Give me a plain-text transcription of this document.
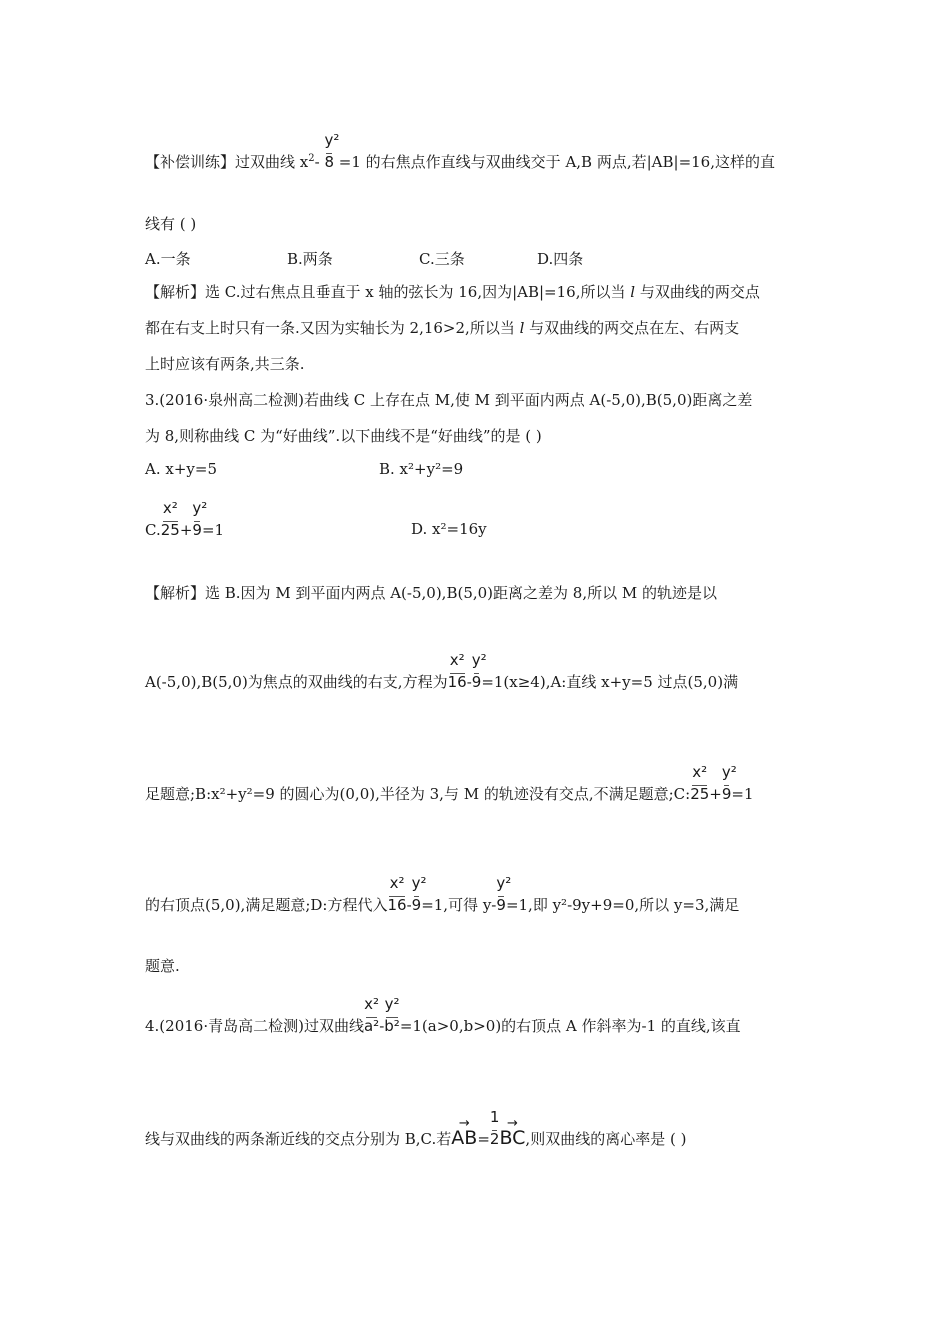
【补偿训练】过双曲线 $x^2-$
y²
8 =1 的右焦点作直线与双曲线交于 A,B 两点,若|AB|=16,这样的直
线有 ( )
A.一条	B.两条	C.三条	D.四条
【解析】选 C.过右焦点且垂直于 x 轴的弦长为 16,因为|AB|=16,所以当 l 与双曲线的两交点
都在右支上时只有一条.又因为实轴长为 2,16>2,所以当 l 与双曲线的两交点在左、右两支
上时应该有两条,共三条.
3.(2016·泉州高二检测)若曲线 C 上存在点 M,使 M 到平面内两点 A(-5,0),B(5,0)距离之差
为 8,则称曲线 C 为“好曲线”.以下曲线不是“好曲线”的是 ( )
A. x+y=5	B. x²+y²=9
C.
x²
25+
y²
9=1	D. x²=16y
【解析】选 B.因为 M 到平面内两点 A(-5,0),B(5,0)距离之差为 8,所以 M 的轨迹是以
A(-5,0),B(5,0)为焦点的双曲线的右支,方程为
x²
16-
y²
9=1(x≥4),A:直线 x+y=5 过点(5,0)满
足题意;B:x²+y²=9 的圆心为(0,0),半径为 3,与 M 的轨迹没有交点,不满足题意;C:
x²
25+
y²
9=1
的右顶点(5,0),满足题意;D:方程代入
x²
16-
y²
9=1,可得 y-
y²
9=1,即 y²-9y+9=0,所以 y=3,满足
题意.
4.(2016·青岛高二检测)过双曲线
x²
a²-
y²
b²=1(a>0,b>0)的右顶点 A 作斜率为-1 的直线,该直
线与双曲线的两条渐近线的交点分别为 B,C.若→ AB=
1
2→ BC,则双曲线的离心率是 ( )
